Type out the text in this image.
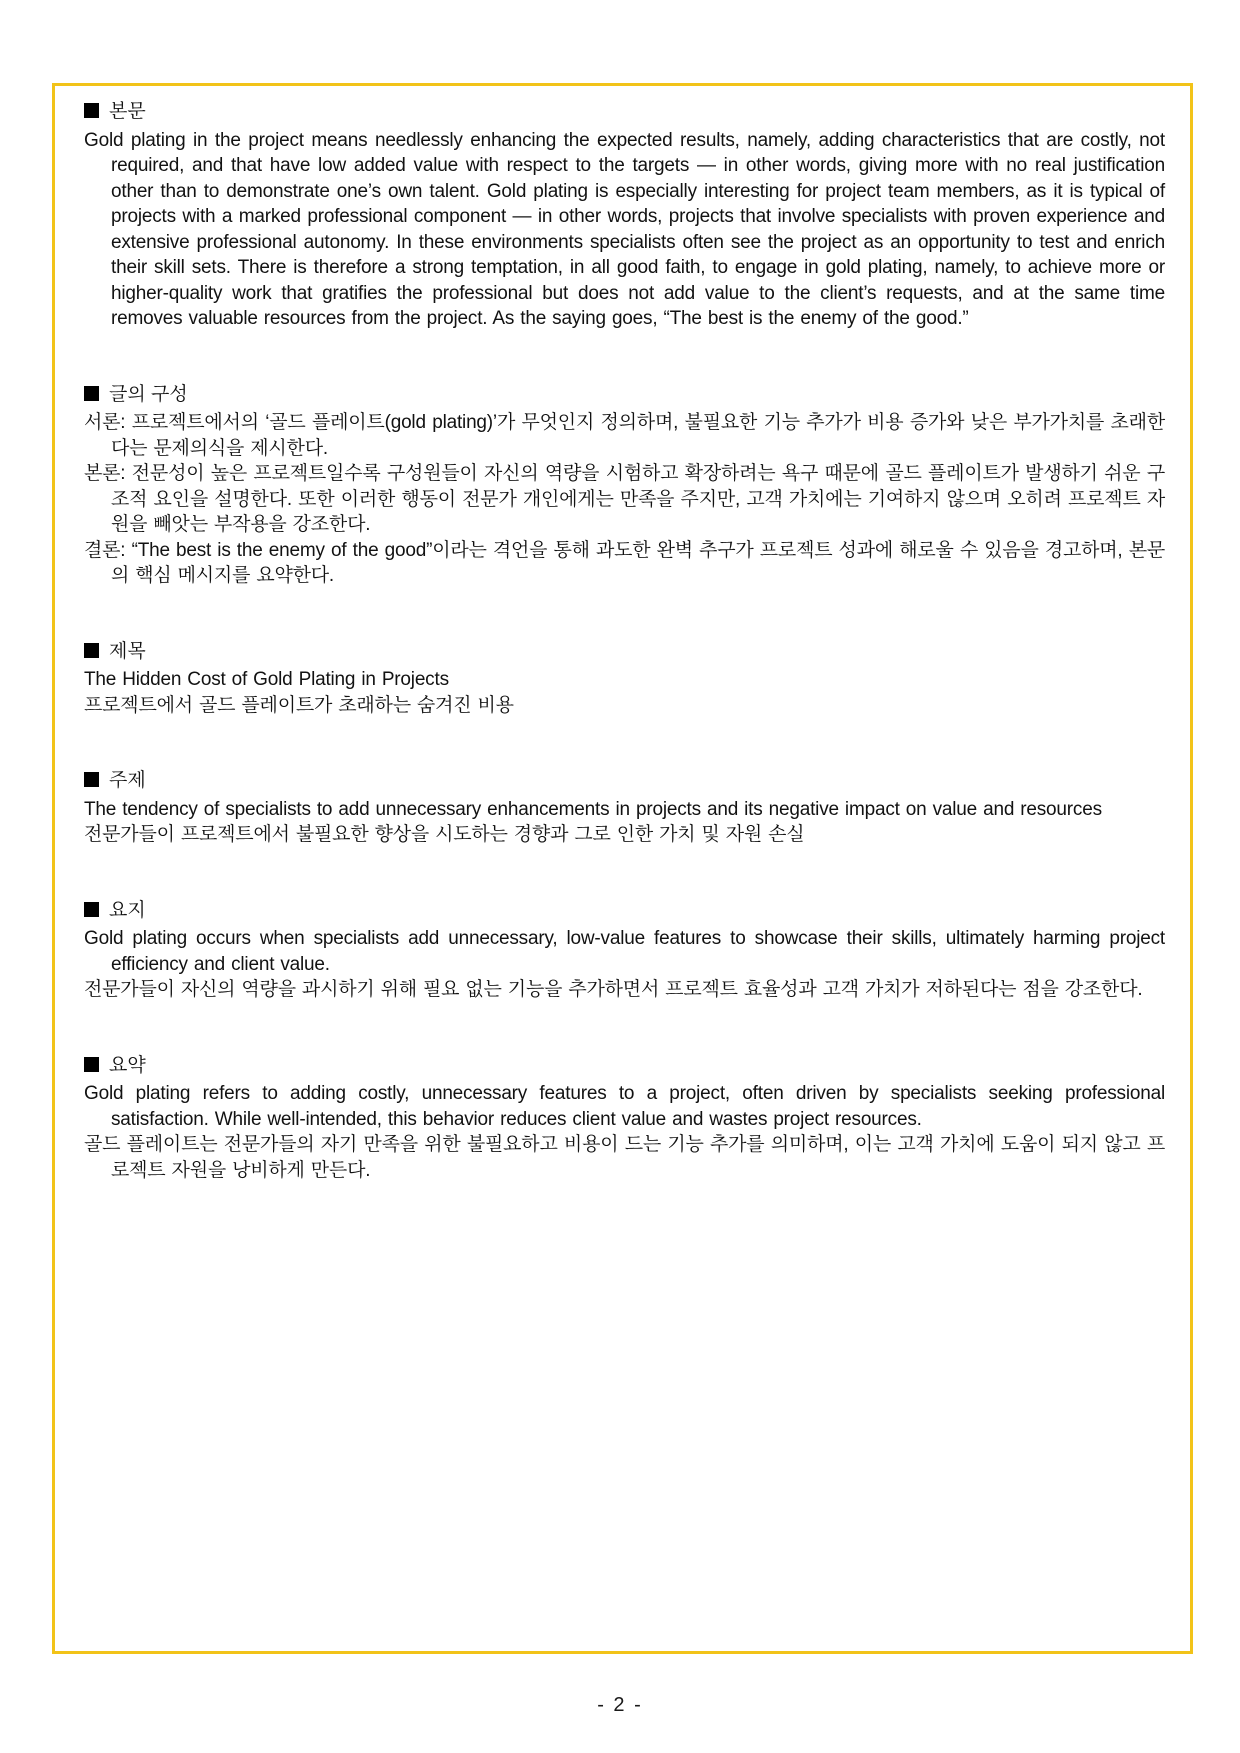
본문

Gold plating in the project means needlessly enhancing the expected results, namely, adding characteristics that are costly, not required, and that have low added value with respect to the targets — in other words, giving more with no real justification other than to demonstrate one’s own talent. Gold plating is especially interesting for project team members, as it is typical of projects with a marked professional component — in other words, projects that involve specialists with proven experience and extensive professional autonomy. In these environments specialists often see the project as an opportunity to test and enrich their skill sets. There is therefore a strong temptation, in all good faith, to engage in gold plating, namely, to achieve more or higher-quality work that gratifies the professional but does not add value to the client’s requests, and at the same time removes valuable resources from the project. As the saying goes, “The best is the enemy of the good.”

글의 구성

서론: 프로젝트에서의 ‘골드 플레이트(gold plating)’가 무엇인지 정의하며, 불필요한 기능 추가가 비용 증가와 낮은 부가가치를 초래한다는 문제의식을 제시한다.

본론: 전문성이 높은 프로젝트일수록 구성원들이 자신의 역량을 시험하고 확장하려는 욕구 때문에 골드 플레이트가 발생하기 쉬운 구조적 요인을 설명한다. 또한 이러한 행동이 전문가 개인에게는 만족을 주지만, 고객 가치에는 기여하지 않으며 오히려 프로젝트 자원을 빼앗는 부작용을 강조한다.

결론: “The best is the enemy of the good”이라는 격언을 통해 과도한 완벽 추구가 프로젝트 성과에 해로울 수 있음을 경고하며, 본문의 핵심 메시지를 요약한다.

제목

The Hidden Cost of Gold Plating in Projects

프로젝트에서 골드 플레이트가 초래하는 숨겨진 비용

주제

The tendency of specialists to add unnecessary enhancements in projects and its negative impact on value and resources

전문가들이 프로젝트에서 불필요한 향상을 시도하는 경향과 그로 인한 가치 및 자원 손실

요지

Gold plating occurs when specialists add unnecessary, low-value features to showcase their skills, ultimately harming project efficiency and client value.

전문가들이 자신의 역량을 과시하기 위해 필요 없는 기능을 추가하면서 프로젝트 효율성과 고객 가치가 저하된다는 점을 강조한다.

요약

Gold plating refers to adding costly, unnecessary features to a project, often driven by specialists seeking professional satisfaction. While well-intended, this behavior reduces client value and wastes project resources.

골드 플레이트는 전문가들의 자기 만족을 위한 불필요하고 비용이 드는 기능 추가를 의미하며, 이는 고객 가치에 도움이 되지 않고 프로젝트 자원을 낭비하게 만든다.

- 2 -
